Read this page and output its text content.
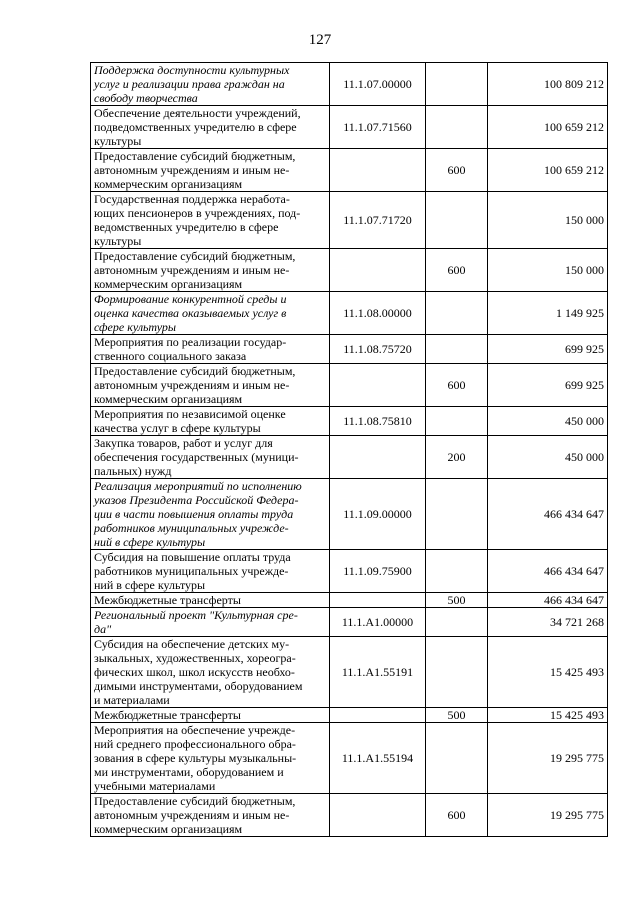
127
Поддержка доступности культурных
услуг и реализации права граждан на
свободу творчества	11.1.07.00000		100 809 212

Обеспечение деятельности учреждений,
подведомственных учредителю в сфере
культуры	11.1.07.71560		100 659 212

Предоставление субсидий бюджетным,
автономным учреждениям и иным не-
коммерческим организациям		600	100 659 212

Государственная поддержка неработа-
ющих пенсионеров в учреждениях, под-
ведомственных учредителю в сфере
культуры	11.1.07.71720		150 000

Предоставление субсидий бюджетным,
автономным учреждениям и иным не-
коммерческим организациям		600	150 000

Формирование конкурентной среды и
оценка качества оказываемых услуг в
сфере культуры	11.1.08.00000		1 149 925

Мероприятия по реализации государ-
ственного социального заказа	11.1.08.75720		699 925

Предоставление субсидий бюджетным,
автономным учреждениям и иным не-
коммерческим организациям		600	699 925

Мероприятия по независимой оценке
качества услуг в сфере культуры	11.1.08.75810		450 000

Закупка товаров, работ и услуг для
обеспечения государственных (муници-
пальных) нужд		200	450 000

Реализация мероприятий по исполнению
указов Президента Российской Федера-
ции в части повышения оплаты труда
работников муниципальных учрежде-
ний в сфере культуры	11.1.09.00000		466 434 647

Субсидия на повышение оплаты труда
работников муниципальных учрежде-
ний в сфере культуры	11.1.09.75900		466 434 647

Межбюджетные трансферты		500	466 434 647

Региональный проект "Культурная сре-
да"	11.1.A1.00000		34 721 268

Субсидия на обеспечение детских му-
зыкальных, художественных, хореогра-
фических школ, школ искусств необхо-
димыми инструментами, оборудованием
и материалами	11.1.A1.55191		15 425 493

Межбюджетные трансферты		500	15 425 493

Мероприятия на обеспечение учрежде-
ний среднего профессионального обра-
зования в сфере культуры музыкальны-
ми инструментами, оборудованием и
учебными материалами	11.1.A1.55194		19 295 775

Предоставление субсидий бюджетным,
автономным учреждениям и иным не-
коммерческим организациям		600	19 295 775
